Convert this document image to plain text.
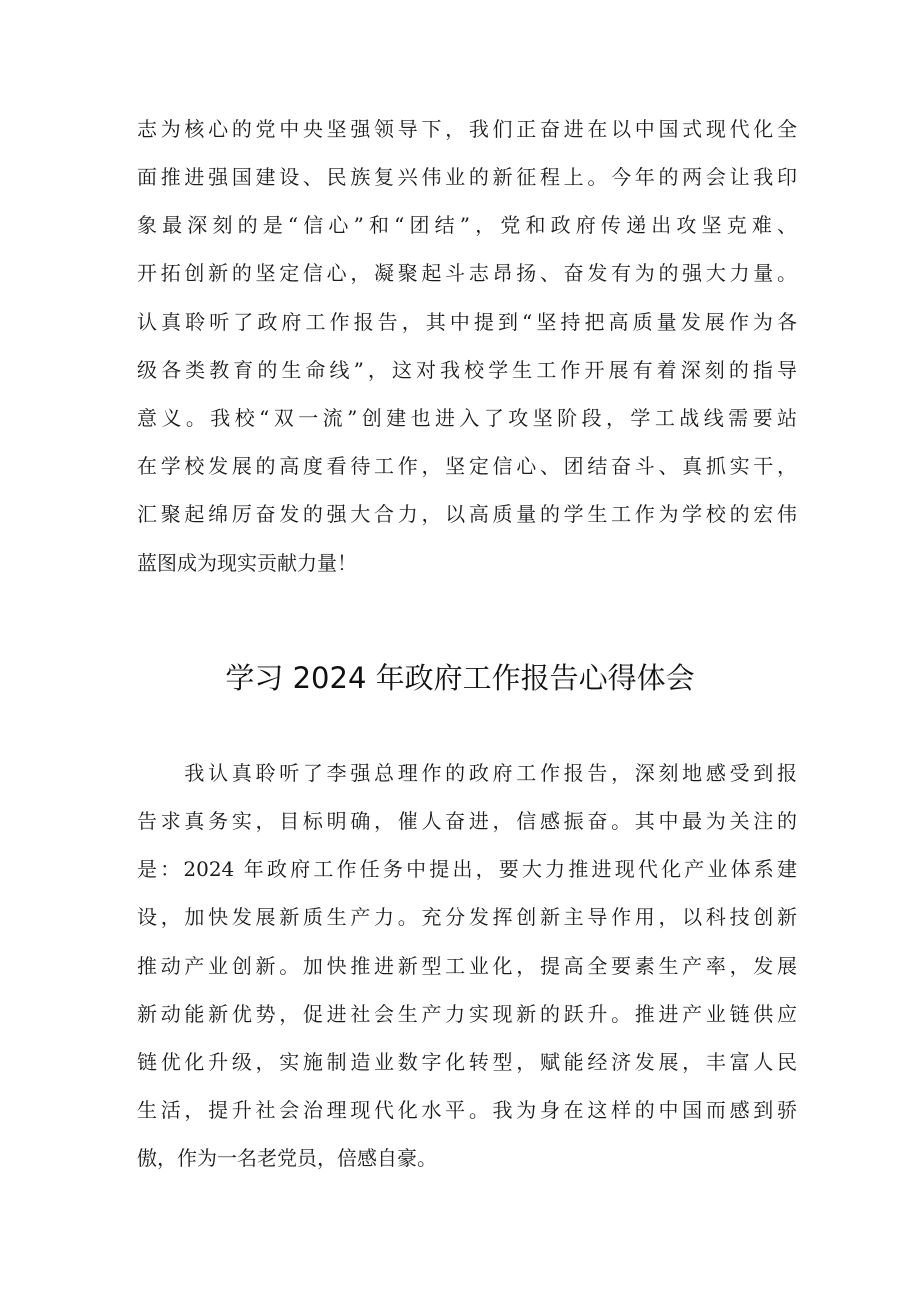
志为核心的党中央坚强领导下，我们正奋进在以中国式现代化全
面推进强国建设、民族复兴伟业的新征程上。今年的两会让我印
象最深刻的是“信心”和“团结”，党和政府传递出攻坚克难、
开拓创新的坚定信心，凝聚起斗志昂扬、奋发有为的强大力量。
认真聆听了政府工作报告，其中提到“坚持把高质量发展作为各
级各类教育的生命线”，这对我校学生工作开展有着深刻的指导
意义。我校“双一流”创建也进入了攻坚阶段，学工战线需要站
在学校发展的高度看待工作，坚定信心、团结奋斗、真抓实干，
汇聚起绵厉奋发的强大合力，以高质量的学生工作为学校的宏伟
蓝图成为现实贡献力量！
学习 2024 年政府工作报告心得体会
　　我认真聆听了李强总理作的政府工作报告，深刻地感受到报
告求真务实，目标明确，催人奋进，信感振奋。其中最为关注的
是：2024 年政府工作任务中提出，要大力推进现代化产业体系建
设，加快发展新质生产力。充分发挥创新主导作用，以科技创新
推动产业创新。加快推进新型工业化，提高全要素生产率，发展
新动能新优势，促进社会生产力实现新的跃升。推进产业链供应
链优化升级，实施制造业数字化转型，赋能经济发展，丰富人民
生活，提升社会治理现代化水平。我为身在这样的中国而感到骄
傲，作为一名老党员，倍感自豪。
